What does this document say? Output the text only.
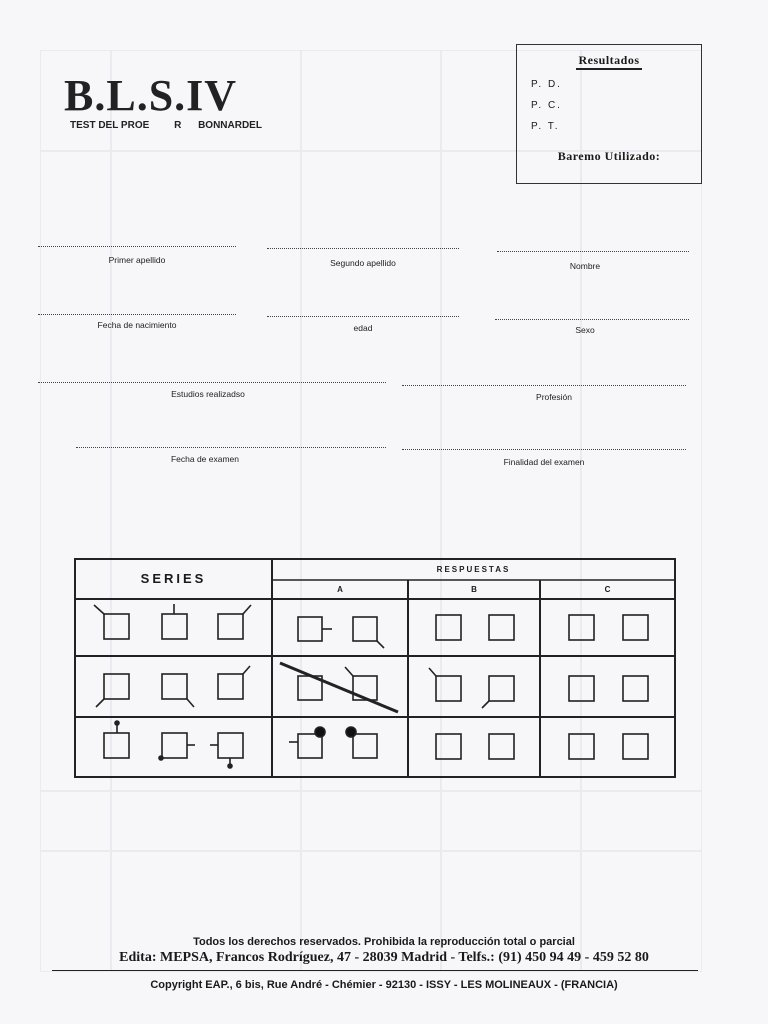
B.L.S.IV
TEST DEL PROE R BONNARDEL
Resultados
P. D.
P. C.
P. T.
Baremo Utilizado:
Primer apellido	Segundo apellido	Nombre
Fecha de nacimiento	edad	Sexo
Estudios realizadso	Profesión
Fecha de examen	Finalidad del examen
SERIES
RESPUESTAS
A	B	C
Todos los derechos reservados. Prohibida la reproducción total o parcial
Edita: MEPSA, Francos Rodríguez, 47 - 28039 Madrid - Telfs.: (91) 450 94 49 - 459 52 80
Copyright EAP., 6 bis, Rue André - Chémier - 92130 - ISSY - LES MOLINEAUX - (FRANCIA)
